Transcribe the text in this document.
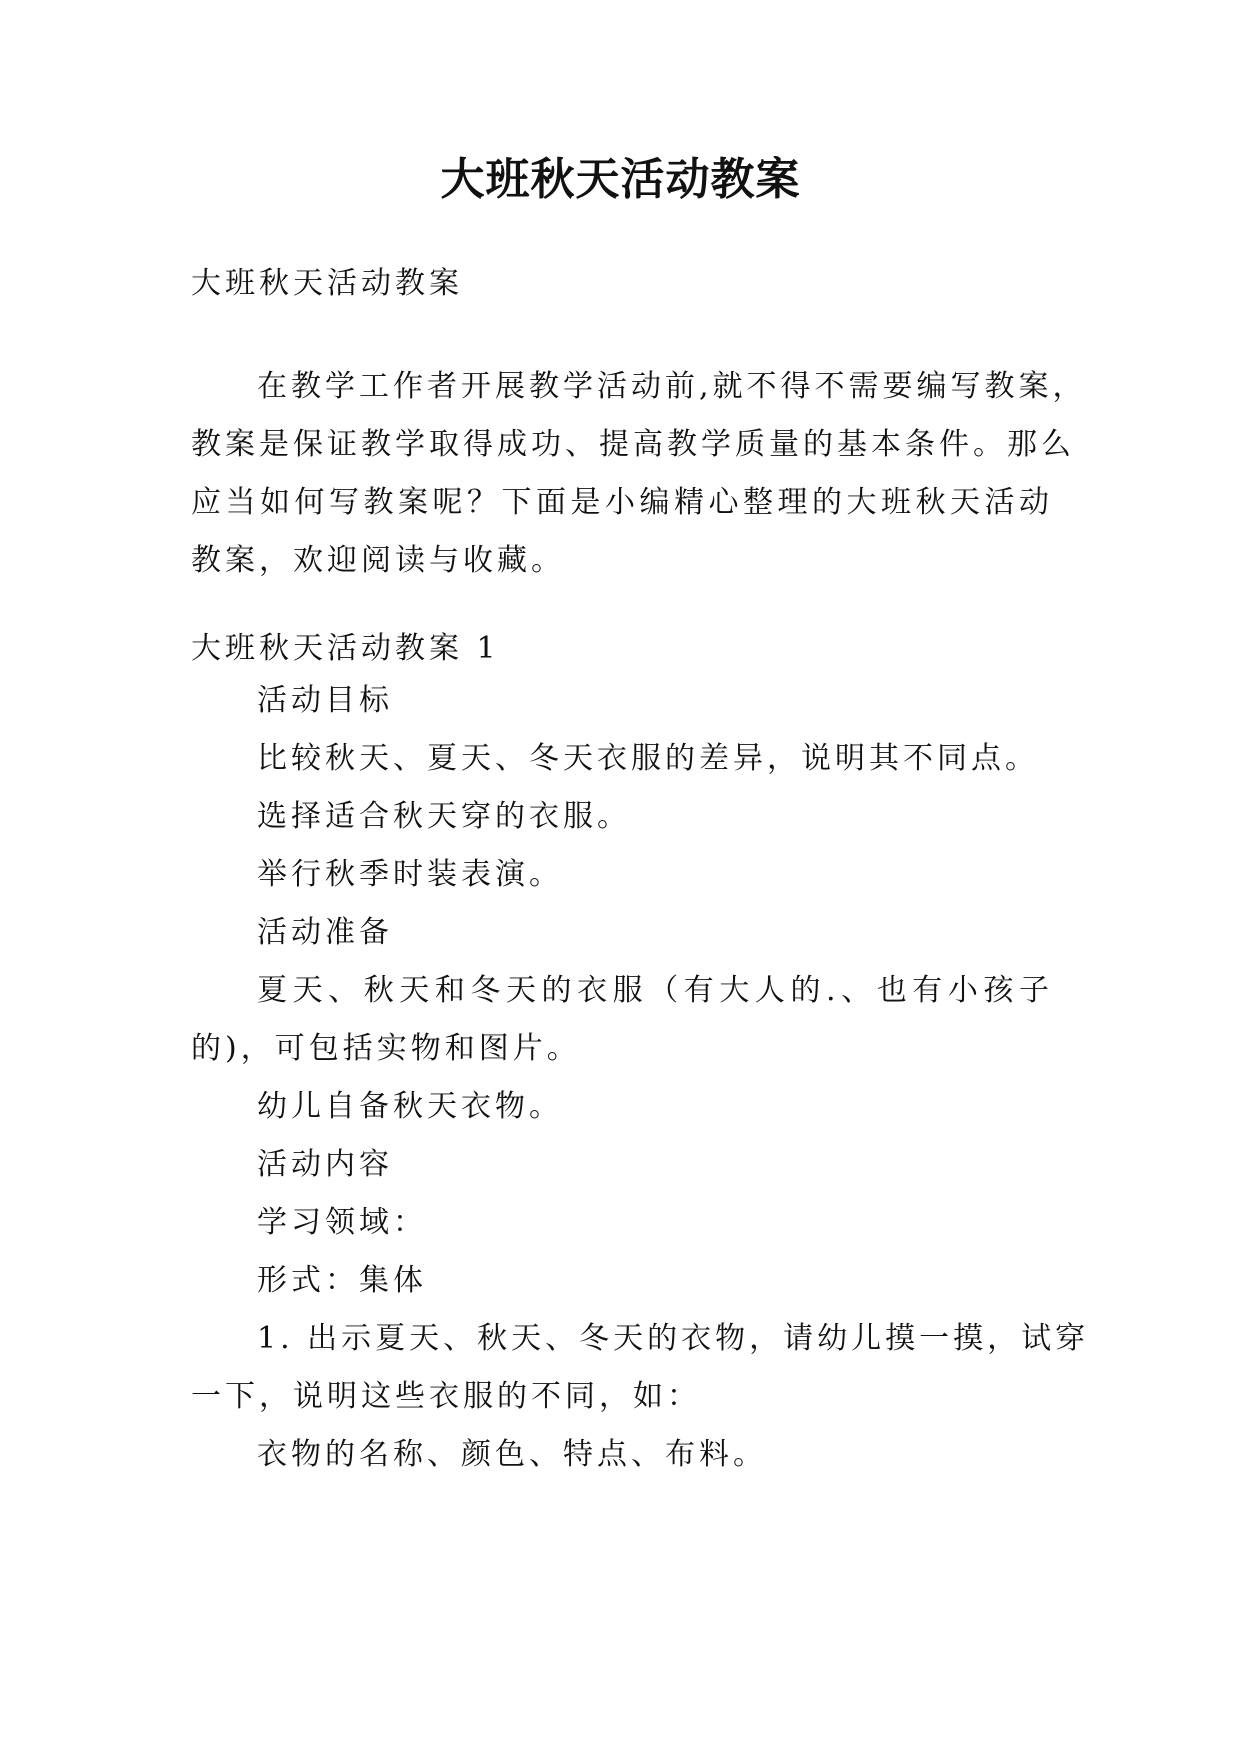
大班秋天活动教案
大班秋天活动教案
在教学工作者开展教学活动前,就不得不需要编写教案，
教案是保证教学取得成功、提高教学质量的基本条件。那么
应当如何写教案呢？下面是小编精心整理的大班秋天活动
教案，欢迎阅读与收藏。
大班秋天活动教案 1
活动目标
比较秋天、夏天、冬天衣服的差异，说明其不同点。
选择适合秋天穿的衣服。
举行秋季时装表演。
活动准备
夏天、秋天和冬天的衣服（有大人的.、也有小孩子
的)，可包括实物和图片。
幼儿自备秋天衣物。
活动内容
学习领域：
形式：集体
1. 出示夏天、秋天、冬天的衣物，请幼儿摸一摸，试穿
一下，说明这些衣服的不同，如：
衣物的名称、颜色、特点、布料。
